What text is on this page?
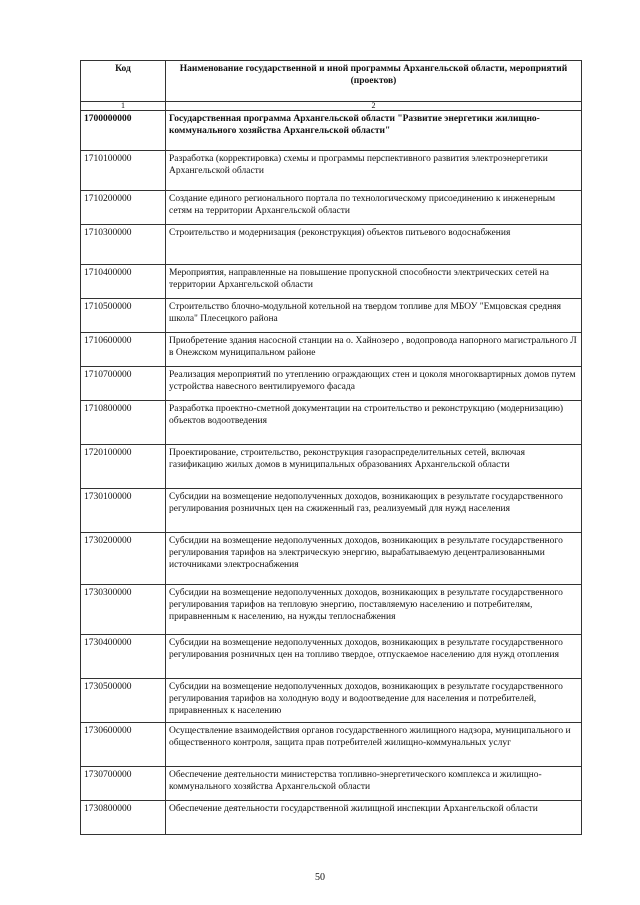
Код	Наименование государственной и иной программы Архангельской области, мероприятий (проектов)
1	2
1700000000	Государственная программа Архангельской области "Развитие энергетики жилищно-коммунального хозяйства Архангельской области"
1710100000	Разработка (корректировка) схемы и программы перспективного развития электроэнергетики Архангельской области
1710200000	Создание единого регионального портала по технологическому присоединению к инженерным сетям на территории Архангельской области
1710300000	Строительство и модернизация (реконструкция) объектов питьевого водоснабжения
1710400000	Мероприятия, направленные на повышение пропускной способности электрических сетей на территории Архангельской области
1710500000	Строительство блочно-модульной котельной на твердом топливе для МБОУ "Емцовская средняя школа" Плесецкого района
1710600000	Приобретение здания насосной станции на о. Хайнозеро , водопровода напорного магистрального Л в Онежском муниципальном районе
1710700000	Реализация мероприятий по утеплению ограждающих стен и цоколя многоквартирных домов путем устройства навесного вентилируемого фасада
1710800000	Разработка проектно-сметной документации на строительство и реконструкцию (модернизацию) объектов водоотведения
1720100000	Проектирование, строительство, реконструкция газораспределительных сетей, включая газификацию жилых домов в муниципальных образованиях Архангельской области
1730100000	Субсидии на возмещение недополученных доходов, возникающих в результате государственного регулирования розничных цен на сжиженный газ, реализуемый для нужд населения
1730200000	Субсидии на возмещение недополученных доходов, возникающих в результате государственного регулирования тарифов на электрическую энергию, вырабатываемую децентрализованными источниками электроснабжения
1730300000	Субсидии на возмещение недополученных доходов, возникающих в результате государственного регулирования тарифов на тепловую энергию, поставляемую населению и потребителям, приравненным к населению, на нужды теплоснабжения
1730400000	Субсидии на возмещение недополученных доходов, возникающих в результате государственного регулирования розничных цен на топливо твердое, отпускаемое населению для нужд отопления
1730500000	Субсидии на возмещение недополученных доходов, возникающих в результате государственного регулирования тарифов на холодную воду и водоотведение для населения и потребителей, приравненных к населению
1730600000	Осуществление взаимодействия органов государственного жилищного надзора, муниципального и общественного контроля, защита прав потребителей жилищно-коммунальных услуг
1730700000	Обеспечение деятельности министерства топливно-энергетического комплекса и жилищно-коммунального хозяйства Архангельской области
1730800000	Обеспечение деятельности государственной жилищной инспекции Архангельской области
50
